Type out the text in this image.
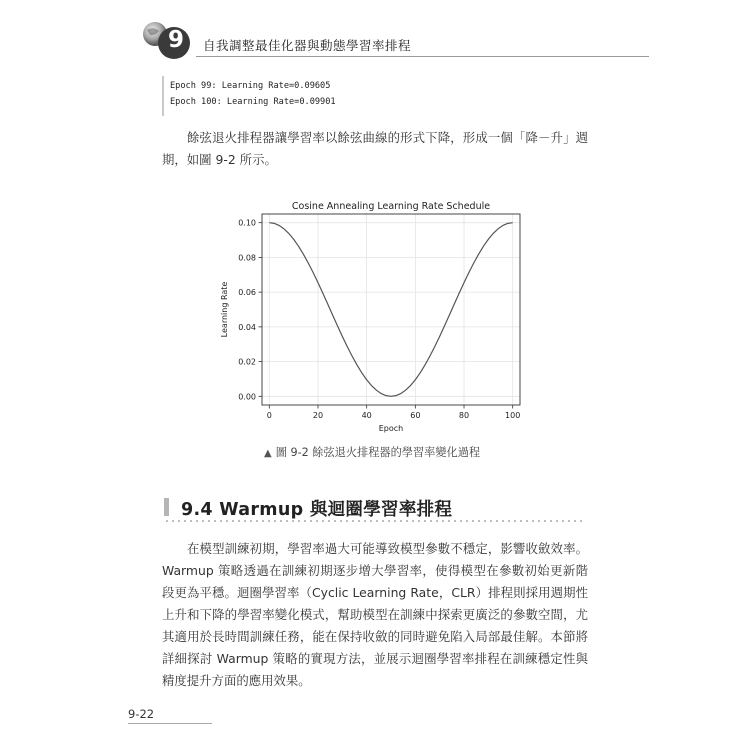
9	自我調整最佳化器與動態學習率排程
Epoch 99: Learning Rate=0.09605
Epoch 100: Learning Rate=0.09901
餘弦退火排程器讓學習率以餘弦曲線的形式下降，形成一個「降－升」週期，如圖 9-2 所示。
0	20	40	60	80	100
0.00
0.02
0.04
0.06
0.08
0.10
Cosine Annealing Learning Rate Schedule
Epoch
Learning Rate
▲ 圖 9-2 餘弦退火排程器的學習率變化過程
9.4 Warmup 與迴圈學習率排程
在模型訓練初期，學習率過大可能導致模型參數不穩定，影響收斂效率。Warmup 策略透過在訓練初期逐步增大學習率，使得模型在參數初始更新階段更為平穩。迴圈學習率（Cyclic Learning Rate，CLR）排程則採用週期性上升和下降的學習率變化模式，幫助模型在訓練中探索更廣泛的參數空間，尤其適用於長時間訓練任務，能在保持收斂的同時避免陷入局部最佳解。本節將詳細探討 Warmup 策略的實現方法，並展示迴圈學習率排程在訓練穩定性與精度提升方面的應用效果。
9-22
